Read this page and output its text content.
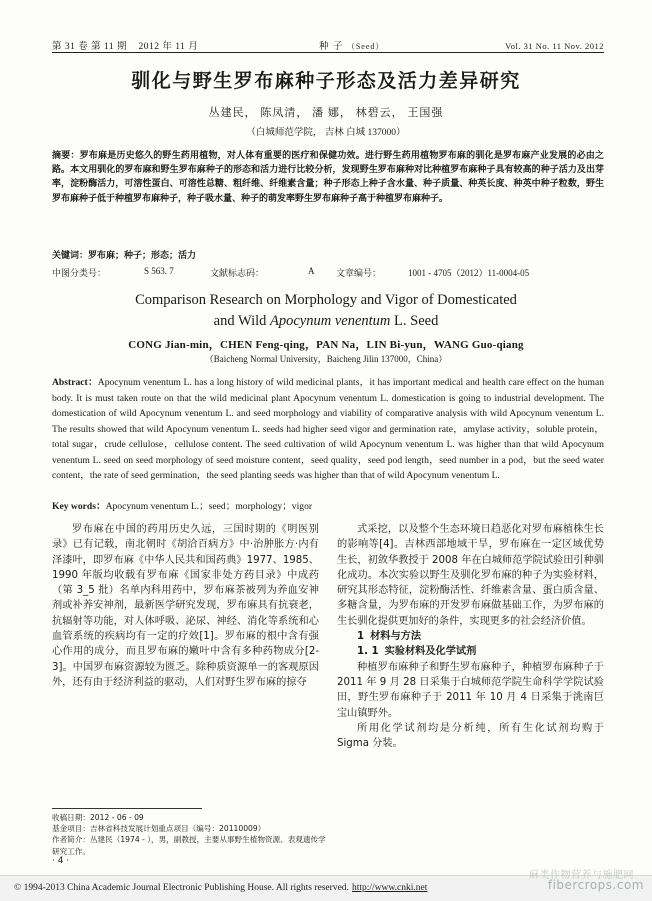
第 31 卷 第 11 期 2012 年 11 月	种 子 （Seed）	Vol. 31 No. 11 Nov. 2012
驯化与野生罗布麻种子形态及活力差异研究
丛建民， 陈凤清， 潘 娜， 林碧云， 王国强
（白城师范学院， 吉林 白城 137000）
摘要：罗布麻是历史悠久的野生药用植物，对人体有重要的医疗和保健功效。进行野生药用植物罗布麻的驯化是罗布麻产业发展的必由之路。本文用驯化的罗布麻和野生罗布麻种子的形态和活力进行比较分析，发现野生罗布麻种对比种植罗布麻种子具有较高的种子活力及出芽率，淀粉酶活力，可溶性蛋白、可溶性总糖、粗纤维、纤维素含量；种子形态上种子含水量、种子质量、种英长度、种英中种子粒数，野生罗布麻种子低于种植罗布麻种子，种子吸水量、种子的萌发率野生罗布麻种子高于种植罗布麻种子。
关键词：罗布麻；种子；形态；活力
中图分类号：	S 563. 7	文献标志码：	A	文章编号：	1001 - 4705（2012）11-0004-05
Comparison Research on Morphology and Vigor of Domesticated
and Wild Apocynum venentum L. Seed
CONG Jian-min，CHEN Feng-qing，PAN Na，LIN Bi-yun，WANG Guo-qiang
（Baicheng Normal University，Baicheng Jilin 137000，China）
Abstract：Apocynum venentum L. has a long history of wild medicinal plants，it has important medical and health care effect on the human body. It is must taken route on that the wild medicinal plant Apocynum venentum L. domestication is going to industrial development. The domestication of wild Apocynum venentum L. and seed morphology and viability of comparative analysis with wild Apocynum venentum L. The results showed that wild Apocynum venentum L. seeds had higher seed vigor and germination rate，amylase activity，soluble protein，total sugar，crude cellulose，cellulose content. The seed cultivation of wild Apocynum venentum L. was higher than that wild Apocynum venentum L. seed on seed morphology of seed moisture content，seed quality，seed pod length，seed number in a pod，but the seed water content，the rate of seed germination，the seed planting seeds was higher than that of wild Apocynum venentum L.
Key words：Apocynum venentum L.；seed；morphology；vigor

罗布麻在中国的药用历史久远，三国时期的《明医别录》已有记载，南北朝时《胡洽百病方》中·治肿胀方·内有泽漆叶，即罗布麻《中华人民共和国药典》1977、1985、1990 年版均收载有罗布麻《国家非处方药目录》中成药（第 3_5 批）名单内科用药中，罗布麻茶被列为养血安神剂或补养安神剂，最新医学研究发现，罗布麻具有抗衰老，抗辐射等功能，对人体呼吸、泌尿、神经、消化等系统和心血管系统的疾病均有一定的疗效[1]。罗布麻的根中含有强心作用的成分，而且罗布麻的嫩叶中含有多种药物成分[2-3]。中国罗布麻资源较为匮乏。除种质资源单一的客观原因外，还有由于经济利益的驱动，人们对野生罗布麻的掠夺

式采挖，以及整个生态环境日趋恶化对罗布麻植株生长的影响等[4]。吉林西部地域干旱，罗布麻在一定区域优势生长，初敛华教授于 2008 年在白城师范学院试验田引种驯化成功。本次实验以野生及驯化罗布麻的种子为实验材料，研究其形态特征，淀粉酶活性、纤维素含量、蛋白质含量、多糖含量，为罗布麻的开发罗布麻做基础工作，为罗布麻的生长驯化提供更加好的条件，实现更多的社会经济价值。

1 材料与方法

1. 1 实验材料及化学试剂

种植罗布麻种子和野生罗布麻种子，种植罗布麻种子于 2011 年 9 月 28 日采集于白城师范学院生命科学学院试验田，野生罗布麻种子于 2011 年 10 月 4 日采集于洮南巨宝山镇野外。

所用化学试剂均是分析纯，所有生化试剂均购于 Sigma 分装。

收稿日期：2012 - 06 - 09
基金项目：吉林省科技发展计划重点项目（编号：20110009）
作者简介：丛建民（1974 - ），男，副教授，主要从事野生植物资源、表观遗传学研究工作。
· 4 ·
© 1994-2013 China Academic Journal Electronic Publishing House. All rights reserved. http://www.cnki.net	fibercrops.com
麻类作物营养与施肥网
